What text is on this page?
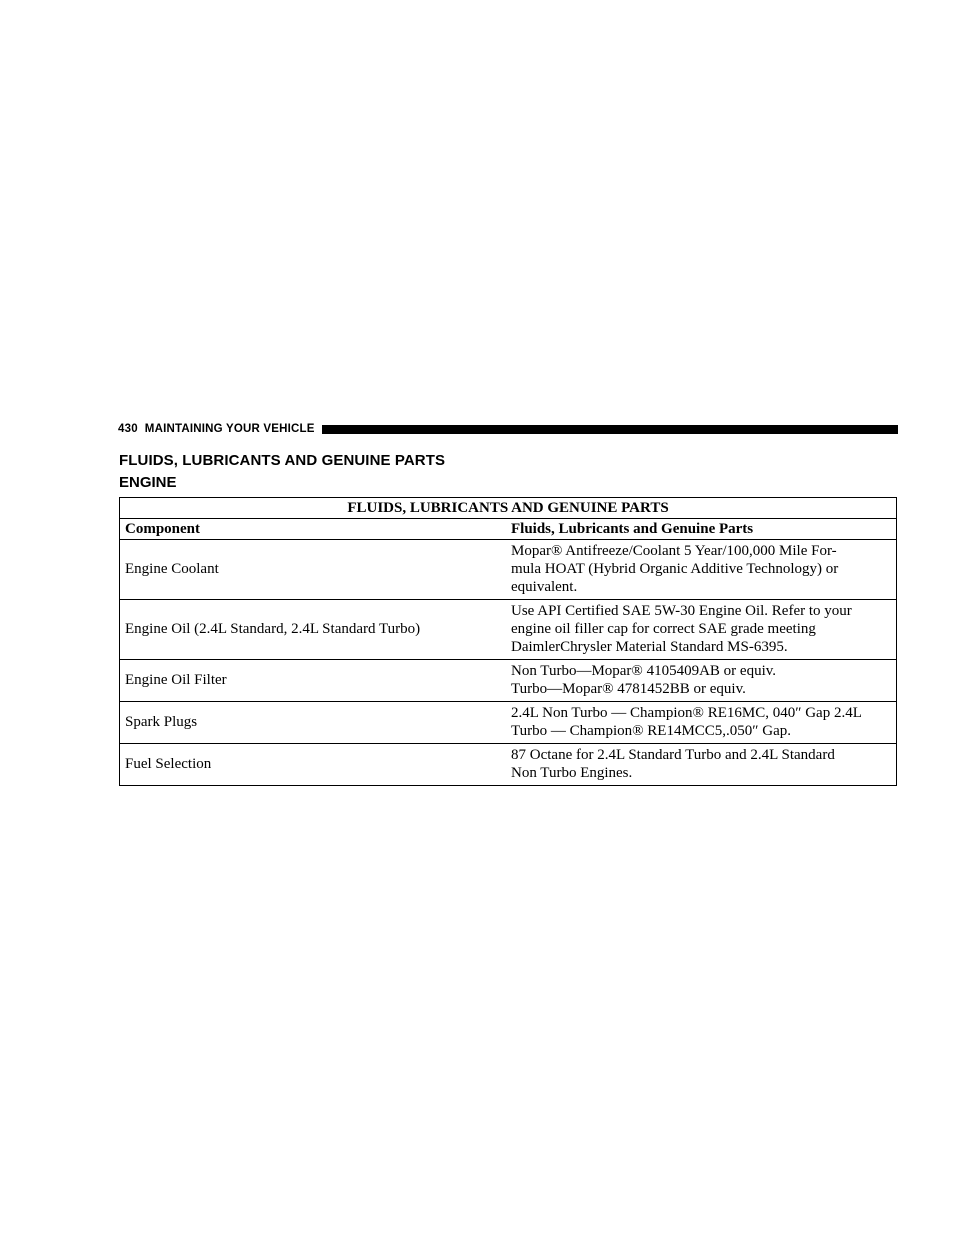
430 MAINTAINING YOUR VEHICLE
FLUIDS, LUBRICANTS AND GENUINE PARTS
ENGINE
FLUIDS, LUBRICANTS AND GENUINE PARTS	
Component	Fluids, Lubricants and Genuine Parts
Engine Coolant	Mopar® Antifreeze/Coolant 5 Year/100,000 Mile For-
mula HOAT (Hybrid Organic Additive Technology) or
equivalent.

Engine Oil (2.4L Standard, 2.4L Standard Turbo)	Use API Certified SAE 5W-30 Engine Oil. Refer to your
engine oil filler cap for correct SAE grade meeting
DaimlerChrysler Material Standard MS-6395.

Engine Oil Filter	Non Turbo—Mopar® 4105409AB or equiv.
Turbo—Mopar® 4781452BB or equiv.

Spark Plugs	2.4L Non Turbo — Champion® RE16MC, 040″ Gap 2.4L
Turbo — Champion® RE14MCC5,.050″ Gap.

Fuel Selection	87 Octane for 2.4L Standard Turbo and 2.4L Standard
Non Turbo Engines.
